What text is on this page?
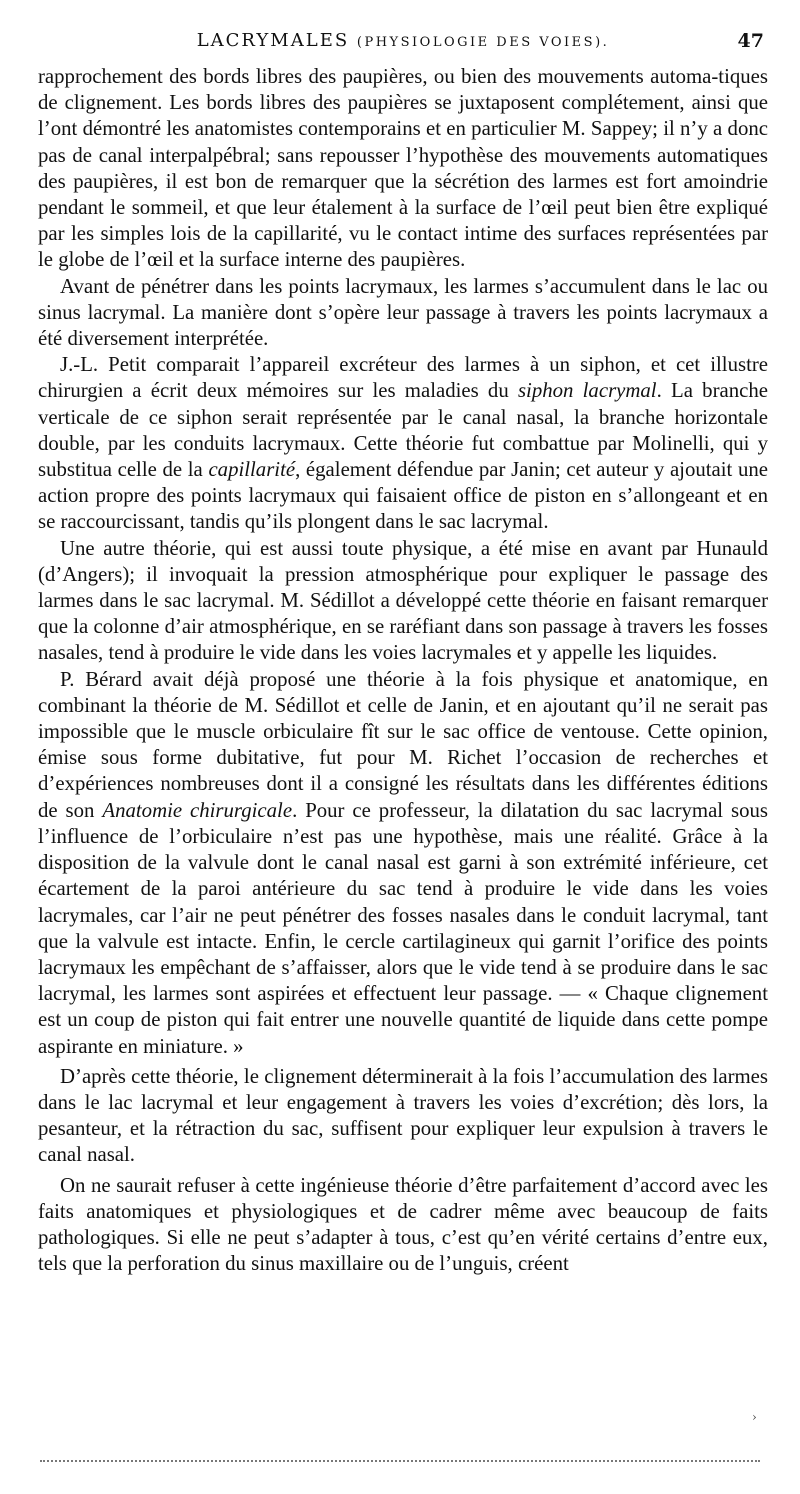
LACRYMALES (PHYSIOLOGIE DES VOIES).	47

rapprochement des bords libres des paupières, ou bien des mouvements automa-tiques de clignement. Les bords libres des paupières se juxtaposent complétement, ainsi que l’ont démontré les anatomistes contemporains et en particulier M. Sappey; il n’y a donc pas de canal interpalpébral; sans repousser l’hypothèse des mouvements automatiques des paupières, il est bon de remarquer que la sécrétion des larmes est fort amoindrie pendant le sommeil, et que leur étalement à la surface de l’œil peut bien être expliqué par les simples lois de la capillarité, vu le contact intime des surfaces représentées par le globe de l’œil et la surface interne des paupières.

Avant de pénétrer dans les points lacrymaux, les larmes s’accumulent dans le lac ou sinus lacrymal. La manière dont s’opère leur passage à travers les points lacrymaux a été diversement interprétée.

J.-L. Petit comparait l’appareil excréteur des larmes à un siphon, et cet illustre chirurgien a écrit deux mémoires sur les maladies du siphon lacrymal. La branche verticale de ce siphon serait représentée par le canal nasal, la branche horizontale double, par les conduits lacrymaux. Cette théorie fut combattue par Molinelli, qui y substitua celle de la capillarité, également défendue par Janin; cet auteur y ajoutait une action propre des points lacrymaux qui faisaient office de piston en s’allongeant et en se raccourcissant, tandis qu’ils plongent dans le sac lacrymal.

Une autre théorie, qui est aussi toute physique, a été mise en avant par Hunauld (d’Angers); il invoquait la pression atmosphérique pour expliquer le passage des larmes dans le sac lacrymal. M. Sédillot a développé cette théorie en faisant remarquer que la colonne d’air atmosphérique, en se raréfiant dans son passage à travers les fosses nasales, tend à produire le vide dans les voies lacrymales et y appelle les liquides.

P. Bérard avait déjà proposé une théorie à la fois physique et anatomique, en combinant la théorie de M. Sédillot et celle de Janin, et en ajoutant qu’il ne serait pas impossible que le muscle orbiculaire fît sur le sac office de ventouse. Cette opinion, émise sous forme dubitative, fut pour M. Richet l’occasion de recherches et d’expériences nombreuses dont il a consigné les résultats dans les différentes éditions de son Anatomie chirurgicale. Pour ce professeur, la dilatation du sac lacrymal sous l’influence de l’orbiculaire n’est pas une hypothèse, mais une réalité. Grâce à la disposition de la valvule dont le canal nasal est garni à son extrémité inférieure, cet écartement de la paroi antérieure du sac tend à produire le vide dans les voies lacrymales, car l’air ne peut pénétrer des fosses nasales dans le conduit lacrymal, tant que la valvule est intacte. Enfin, le cercle cartilagineux qui garnit l’orifice des points lacrymaux les empêchant de s’affaisser, alors que le vide tend à se produire dans le sac lacrymal, les larmes sont aspirées et effectuent leur passage. — « Chaque clignement est un coup de piston qui fait entrer une nouvelle quantité de liquide dans cette pompe aspirante en miniature. »

D’après cette théorie, le clignement déterminerait à la fois l’accumulation des larmes dans le lac lacrymal et leur engagement à travers les voies d’excrétion; dès lors, la pesanteur, et la rétraction du sac, suffisent pour expliquer leur expulsion à travers le canal nasal.

On ne saurait refuser à cette ingénieuse théorie d’être parfaitement d’accord avec les faits anatomiques et physiologiques et de cadrer même avec beaucoup de faits pathologiques. Si elle ne peut s’adapter à tous, c’est qu’en vérité certains d’entre eux, tels que la perforation du sinus maxillaire ou de l’unguis, créent

›
